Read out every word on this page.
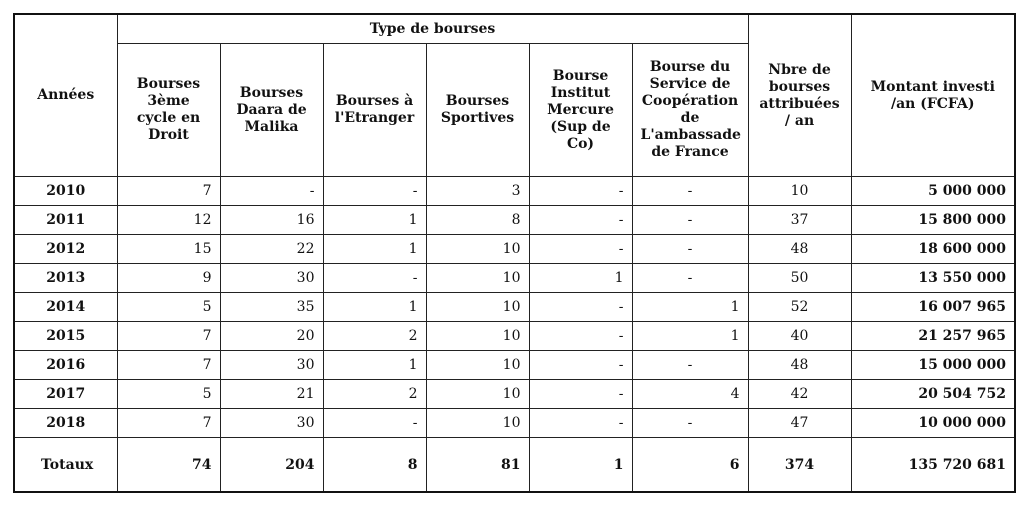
Années	Type de bourses						Nbre de bourses attribuées / an	Montant investi /an (FCFA)
	Bourses 3ème cycle en Droit	Bourses Daara de Malika	Bourses à l'Etranger	Bourses Sportives	Bourse Institut Mercure (Sup de Co)	Bourse du Service de Coopération de L'ambassade de France		
2010	7	-	-	3	-	-	10	5 000 000
2011	12	16	1	8	-	-	37	15 800 000
2012	15	22	1	10	-	-	48	18 600 000
2013	9	30	-	10	1	-	50	13 550 000
2014	5	35	1	10	-	1	52	16 007 965
2015	7	20	2	10	-	1	40	21 257 965
2016	7	30	1	10	-	-	48	15 000 000
2017	5	21	2	10	-	4	42	20 504 752
2018	7	30	-	10	-	-	47	10 000 000
Totaux	74	204	8	81	1	6	374	135 720 681
